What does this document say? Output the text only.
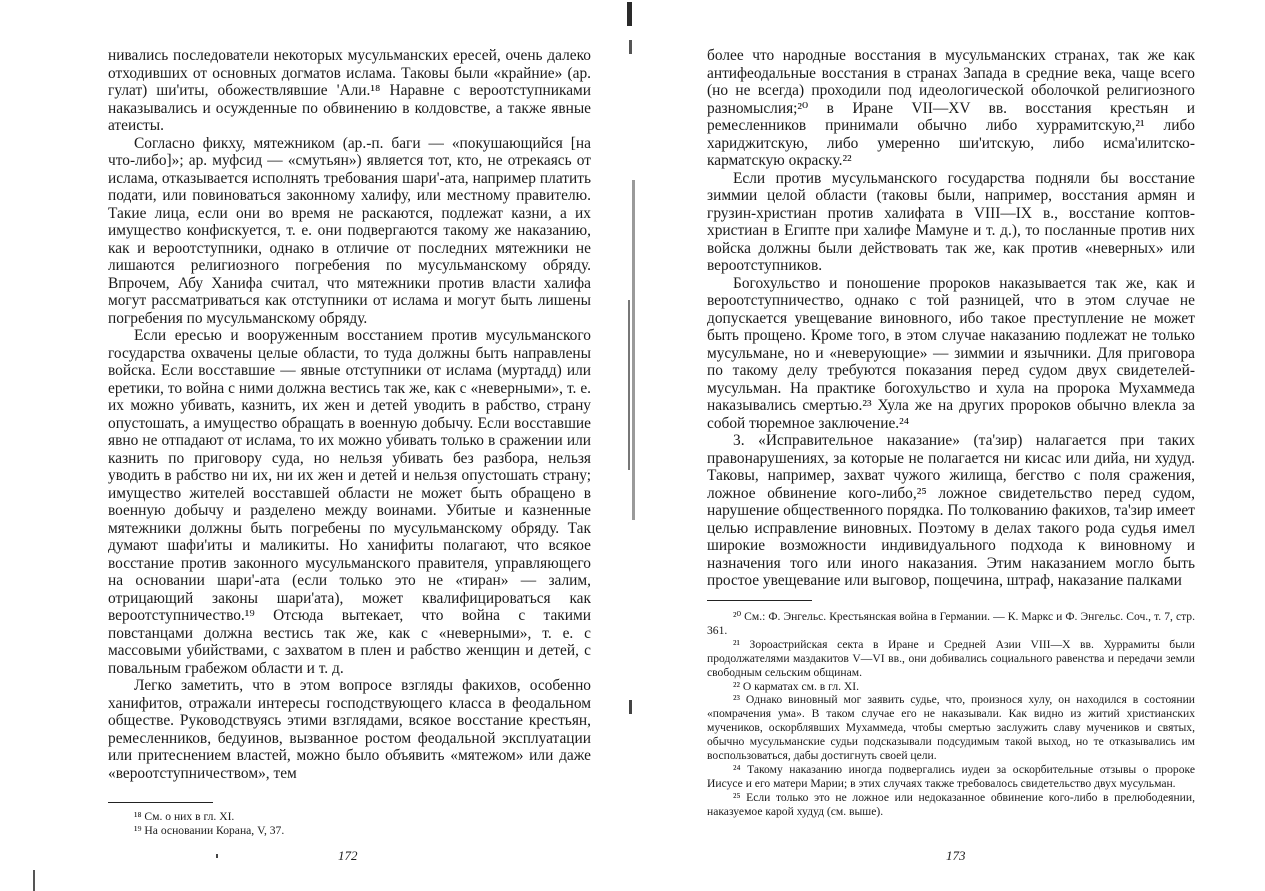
нивались последователи некоторых мусульманских ересей, очень далеко отходивших от основных догматов ислама. Таковы были «крайние» (ар. гулат) ши'иты, обожествлявшие 'Али.¹⁸ Наравне с вероотступниками наказывались и осужденные по обвинению в колдовстве, а также явные атеисты.

Согласно фикху, мятежником (ар.-п. баги — «покушающийся [на что-либо]»; ар. муфсид — «смутьян») является тот, кто, не отрекаясь от ислама, отказывается исполнять требования шари'-ата, например платить подати, или повиноваться законному халифу, или местному правителю. Такие лица, если они во время не раскаются, подлежат казни, а их имущество конфискуется, т. е. они подвергаются такому же наказанию, как и вероотступники, однако в отличие от последних мятежники не лишаются религиозного погребения по мусульманскому обряду. Впрочем, Абу Ханифа считал, что мятежники против власти халифа могут рассматриваться как отступники от ислама и могут быть лишены погребения по мусульманскому обряду.

Если ересью и вооруженным восстанием против мусульманского государства охвачены целые области, то туда должны быть направлены войска. Если восставшие — явные отступники от ислама (муртадд) или еретики, то война с ними должна вестись так же, как с «неверными», т. е. их можно убивать, казнить, их жен и детей уводить в рабство, страну опустошать, а имущество обращать в военную добычу. Если восставшие явно не отпадают от ислама, то их можно убивать только в сражении или казнить по приговору суда, но нельзя убивать без разбора, нельзя уводить в рабство ни их, ни их жен и детей и нельзя опустошать страну; имущество жителей восставшей области не может быть обращено в военную добычу и разделено между воинами. Убитые и казненные мятежники должны быть погребены по мусульманскому обряду. Так думают шафи'иты и маликиты. Но ханифиты полагают, что всякое восстание против законного мусульманского правителя, управляющего на основании шари'-ата (если только это не «тиран» — залим, отрицающий законы шари'ата), может квалифицироваться как вероотступничество.¹⁹ Отсюда вытекает, что война с такими повстанцами должна вестись так же, как с «неверными», т. е. с массовыми убийствами, с захватом в плен и рабство женщин и детей, с повальным грабежом области и т. д.

Легко заметить, что в этом вопросе взгляды факихов, особенно ханифитов, отражали интересы господствующего класса в феодальном обществе. Руководствуясь этими взглядами, всякое восстание крестьян, ремесленников, бедуинов, вызванное ростом феодальной эксплуатации или притеснением властей, можно было объявить «мятежом» или даже «вероотступничеством», тем

¹⁸ См. о них в гл. XI.

¹⁹ На основании Корана, V, 37.

172

более что народные восстания в мусульманских странах, так же как антифеодальные восстания в странах Запада в средние века, чаще всего (но не всегда) проходили под идеологической оболочкой религиозного разномыслия;²⁰ в Иране VII—XV вв. восстания крестьян и ремесленников принимали обычно либо хуррамитскую,²¹ либо хариджитскую, либо умеренно ши'итскую, либо исма'илитско-карматскую окраску.²²

Если против мусульманского государства подняли бы восстание зиммии целой области (таковы были, например, восстания армян и грузин-христиан против халифата в VIII—IX в., восстание коптов-христиан в Египте при халифе Мамуне и т. д.), то посланные против них войска должны были действовать так же, как против «неверных» или вероотступников.

Богохульство и поношение пророков наказывается так же, как и вероотступничество, однако с той разницей, что в этом случае не допускается увещевание виновного, ибо такое преступление не может быть прощено. Кроме того, в этом случае наказанию подлежат не только мусульмане, но и «неверующие» — зиммии и язычники. Для приговора по такому делу требуются показания перед судом двух свидетелей-мусульман. На практике богохульство и хула на пророка Мухаммеда наказывались смертью.²³ Хула же на других пророков обычно влекла за собой тюремное заключение.²⁴

3. «Исправительное наказание» (та'зир) налагается при таких правонарушениях, за которые не полагается ни кисас или дийа, ни худуд. Таковы, например, захват чужого жилища, бегство с поля сражения, ложное обвинение кого-либо,²⁵ ложное свидетельство перед судом, нарушение общественного порядка. По толкованию факихов, та'зир имеет целью исправление виновных. Поэтому в делах такого рода судья имел широкие возможности индивидуального подхода к виновному и назначения того или иного наказания. Этим наказанием могло быть простое увещевание или выговор, пощечина, штраф, наказание палками

²⁰ См.: Ф. Энгельс. Крестьянская война в Германии. — К. Маркс и Ф. Энгельс. Соч., т. 7, стр. 361.

²¹ Зороастрийская секта в Иране и Средней Азии VIII—X вв. Хуррамиты были продолжателями маздакитов V—VI вв., они добивались социального равенства и передачи земли свободным сельским общинам.

²² О карматах см. в гл. XI.

²³ Однако виновный мог заявить судье, что, произнося хулу, он находился в состоянии «помрачения ума». В таком случае его не наказывали. Как видно из житий христианских мучеников, оскорблявших Мухаммеда, чтобы смертью заслужить славу мучеников и святых, обычно мусульманские судьи подсказывали подсудимым такой выход, но те отказывались им воспользоваться, дабы достигнуть своей цели.

²⁴ Такому наказанию иногда подвергались иудеи за оскорбительные отзывы о пророке Иисусе и его матери Марии; в этих случаях также требовалось свидетельство двух мусульман.

²⁵ Если только это не ложное или недоказанное обвинение кого-либо в прелюбодеянии, наказуемое карой худуд (см. выше).

173
